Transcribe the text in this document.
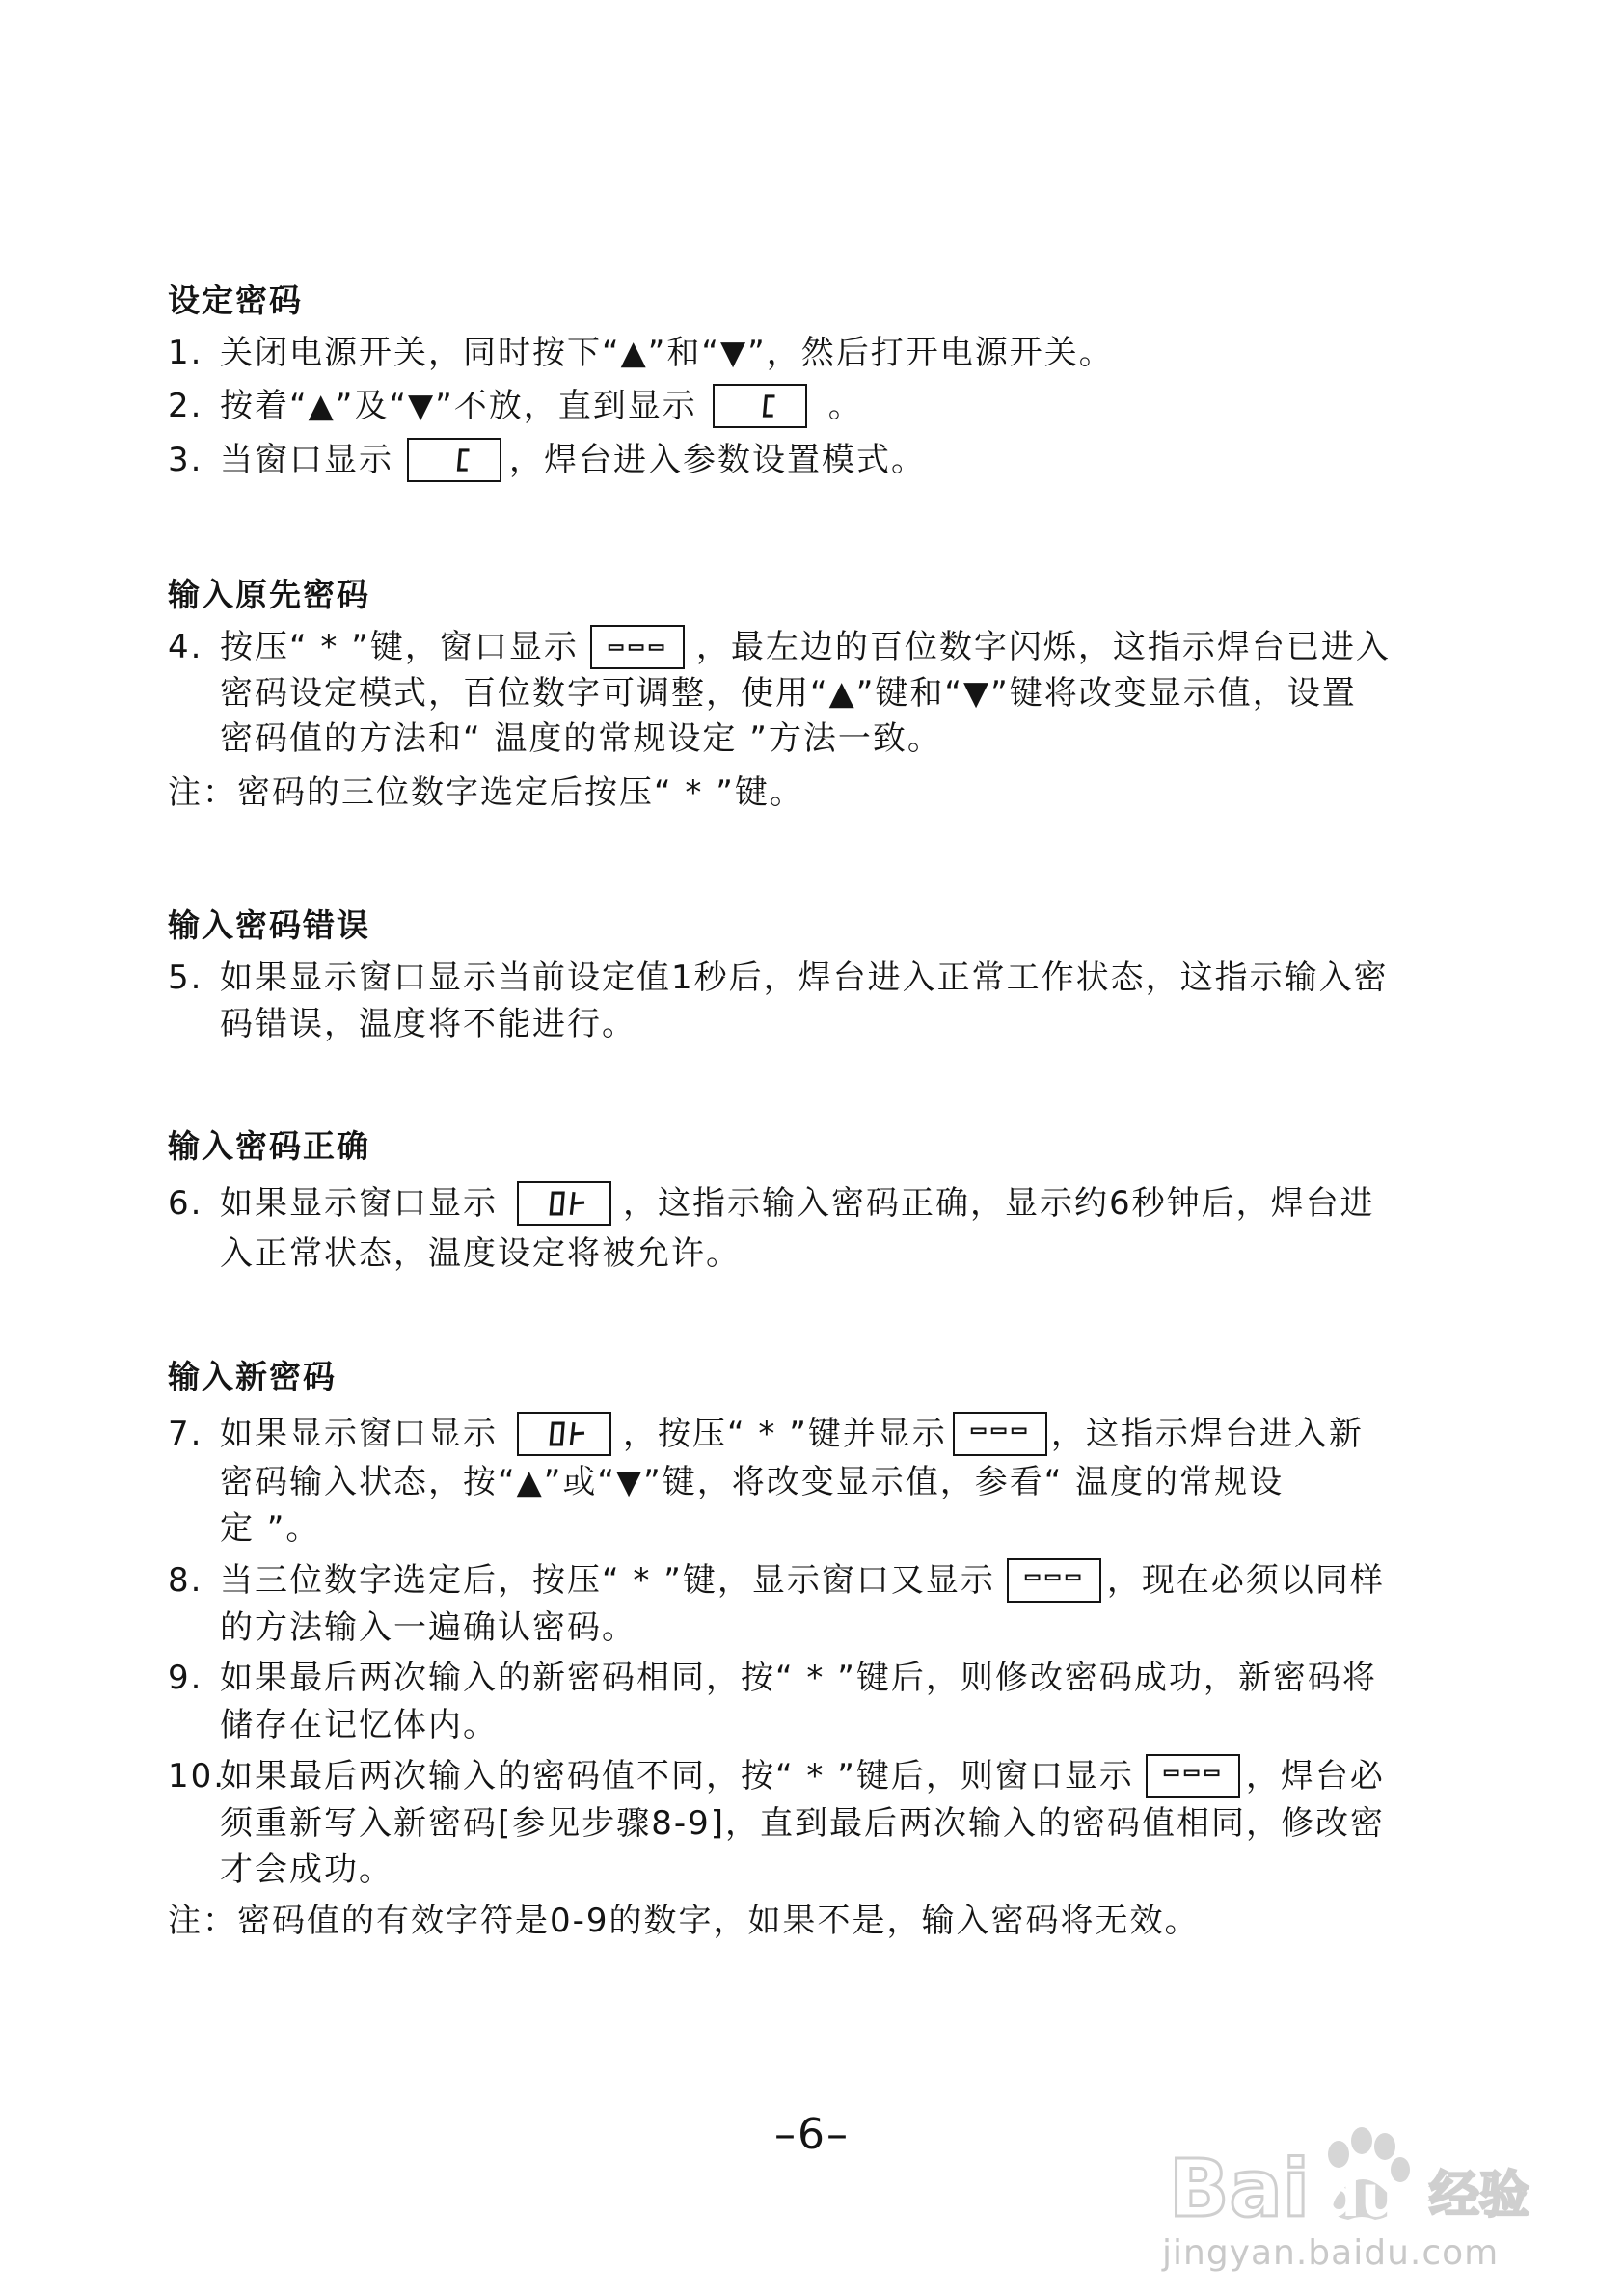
设定密码
1. 关闭电源开关，同时按下“▲”和“▼”，然后打开电源开关。
2. 按着“▲”及“▼”不放，直到显示	。
3. 当窗口显示	，焊台进入参数设置模式。
输入原先密码
4. 按压“ * ”键，窗口显示	，最左边的百位数字闪烁，这指示焊台已进入
密码设定模式，百位数字可调整，使用“▲”键和“▼”键将改变显示值，设置
密码值的方法和“ 温度的常规设定 ”方法一致。
注：密码的三位数字选定后按压“ * ”键。
输入密码错误
5. 如果显示窗口显示当前设定值1秒后，焊台进入正常工作状态，这指示输入密
码错误，温度将不能进行。
输入密码正确
6. 如果显示窗口显示	，这指示输入密码正确，显示约6秒钟后，焊台进
入正常状态，温度设定将被允许。
输入新密码
7. 如果显示窗口显示	，按压“ * ”键并显示	，这指示焊台进入新
密码输入状态，按“▲”或“▼”键，将改变显示值，参看“ 温度的常规设
定 ”。
8. 当三位数字选定后，按压“ * ”键，显示窗口又显示	，现在必须以同样
的方法输入一遍确认密码。
9. 如果最后两次输入的新密码相同，按“ * ”键后，则修改密码成功，新密码将
储存在记忆体内。
10.
如果最后两次输入的密码值不同，按“ * ”键后，则窗口显示	，焊台必
须重新写入新密码[参见步骤8-9]，直到最后两次输入的密码值相同，修改密
才会成功。
注：密码值的有效字符是0-9的数字，如果不是，输入密码将无效。
–6–
Bai du 经验
jingyan.baidu.com
